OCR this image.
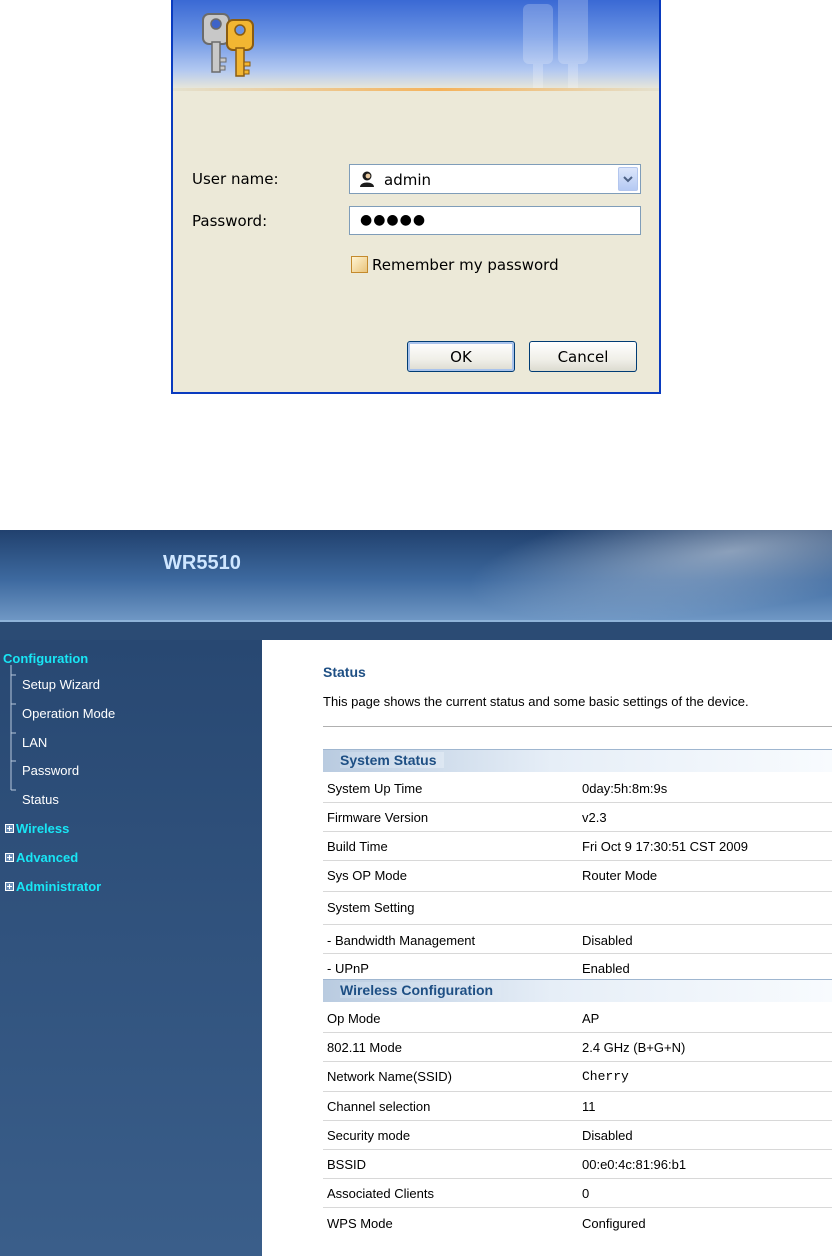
User name:	admin
Password:	●●●●●
Remember my password
OK	Cancel
WR5510
Configuration
Setup Wizard
Operation Mode
LAN
Password
Status
Wireless
Advanced
Administrator
Status
This page shows the current status and some basic settings of the device.
System Status
System Up Time	0day:5h:8m:9s
Firmware Version	v2.3
Build Time	Fri Oct 9 17:30:51 CST 2009
Sys OP Mode	Router Mode
System Setting
- Bandwidth Management	Disabled
- UPnP	Enabled
Wireless Configuration
Op Mode	AP
802.11 Mode	2.4 GHz (B+G+N)
Network Name(SSID)	Cherry
Channel selection	11
Security mode	Disabled
BSSID	00:e0:4c:81:96:b1
Associated Clients	0
WPS Mode	Configured
